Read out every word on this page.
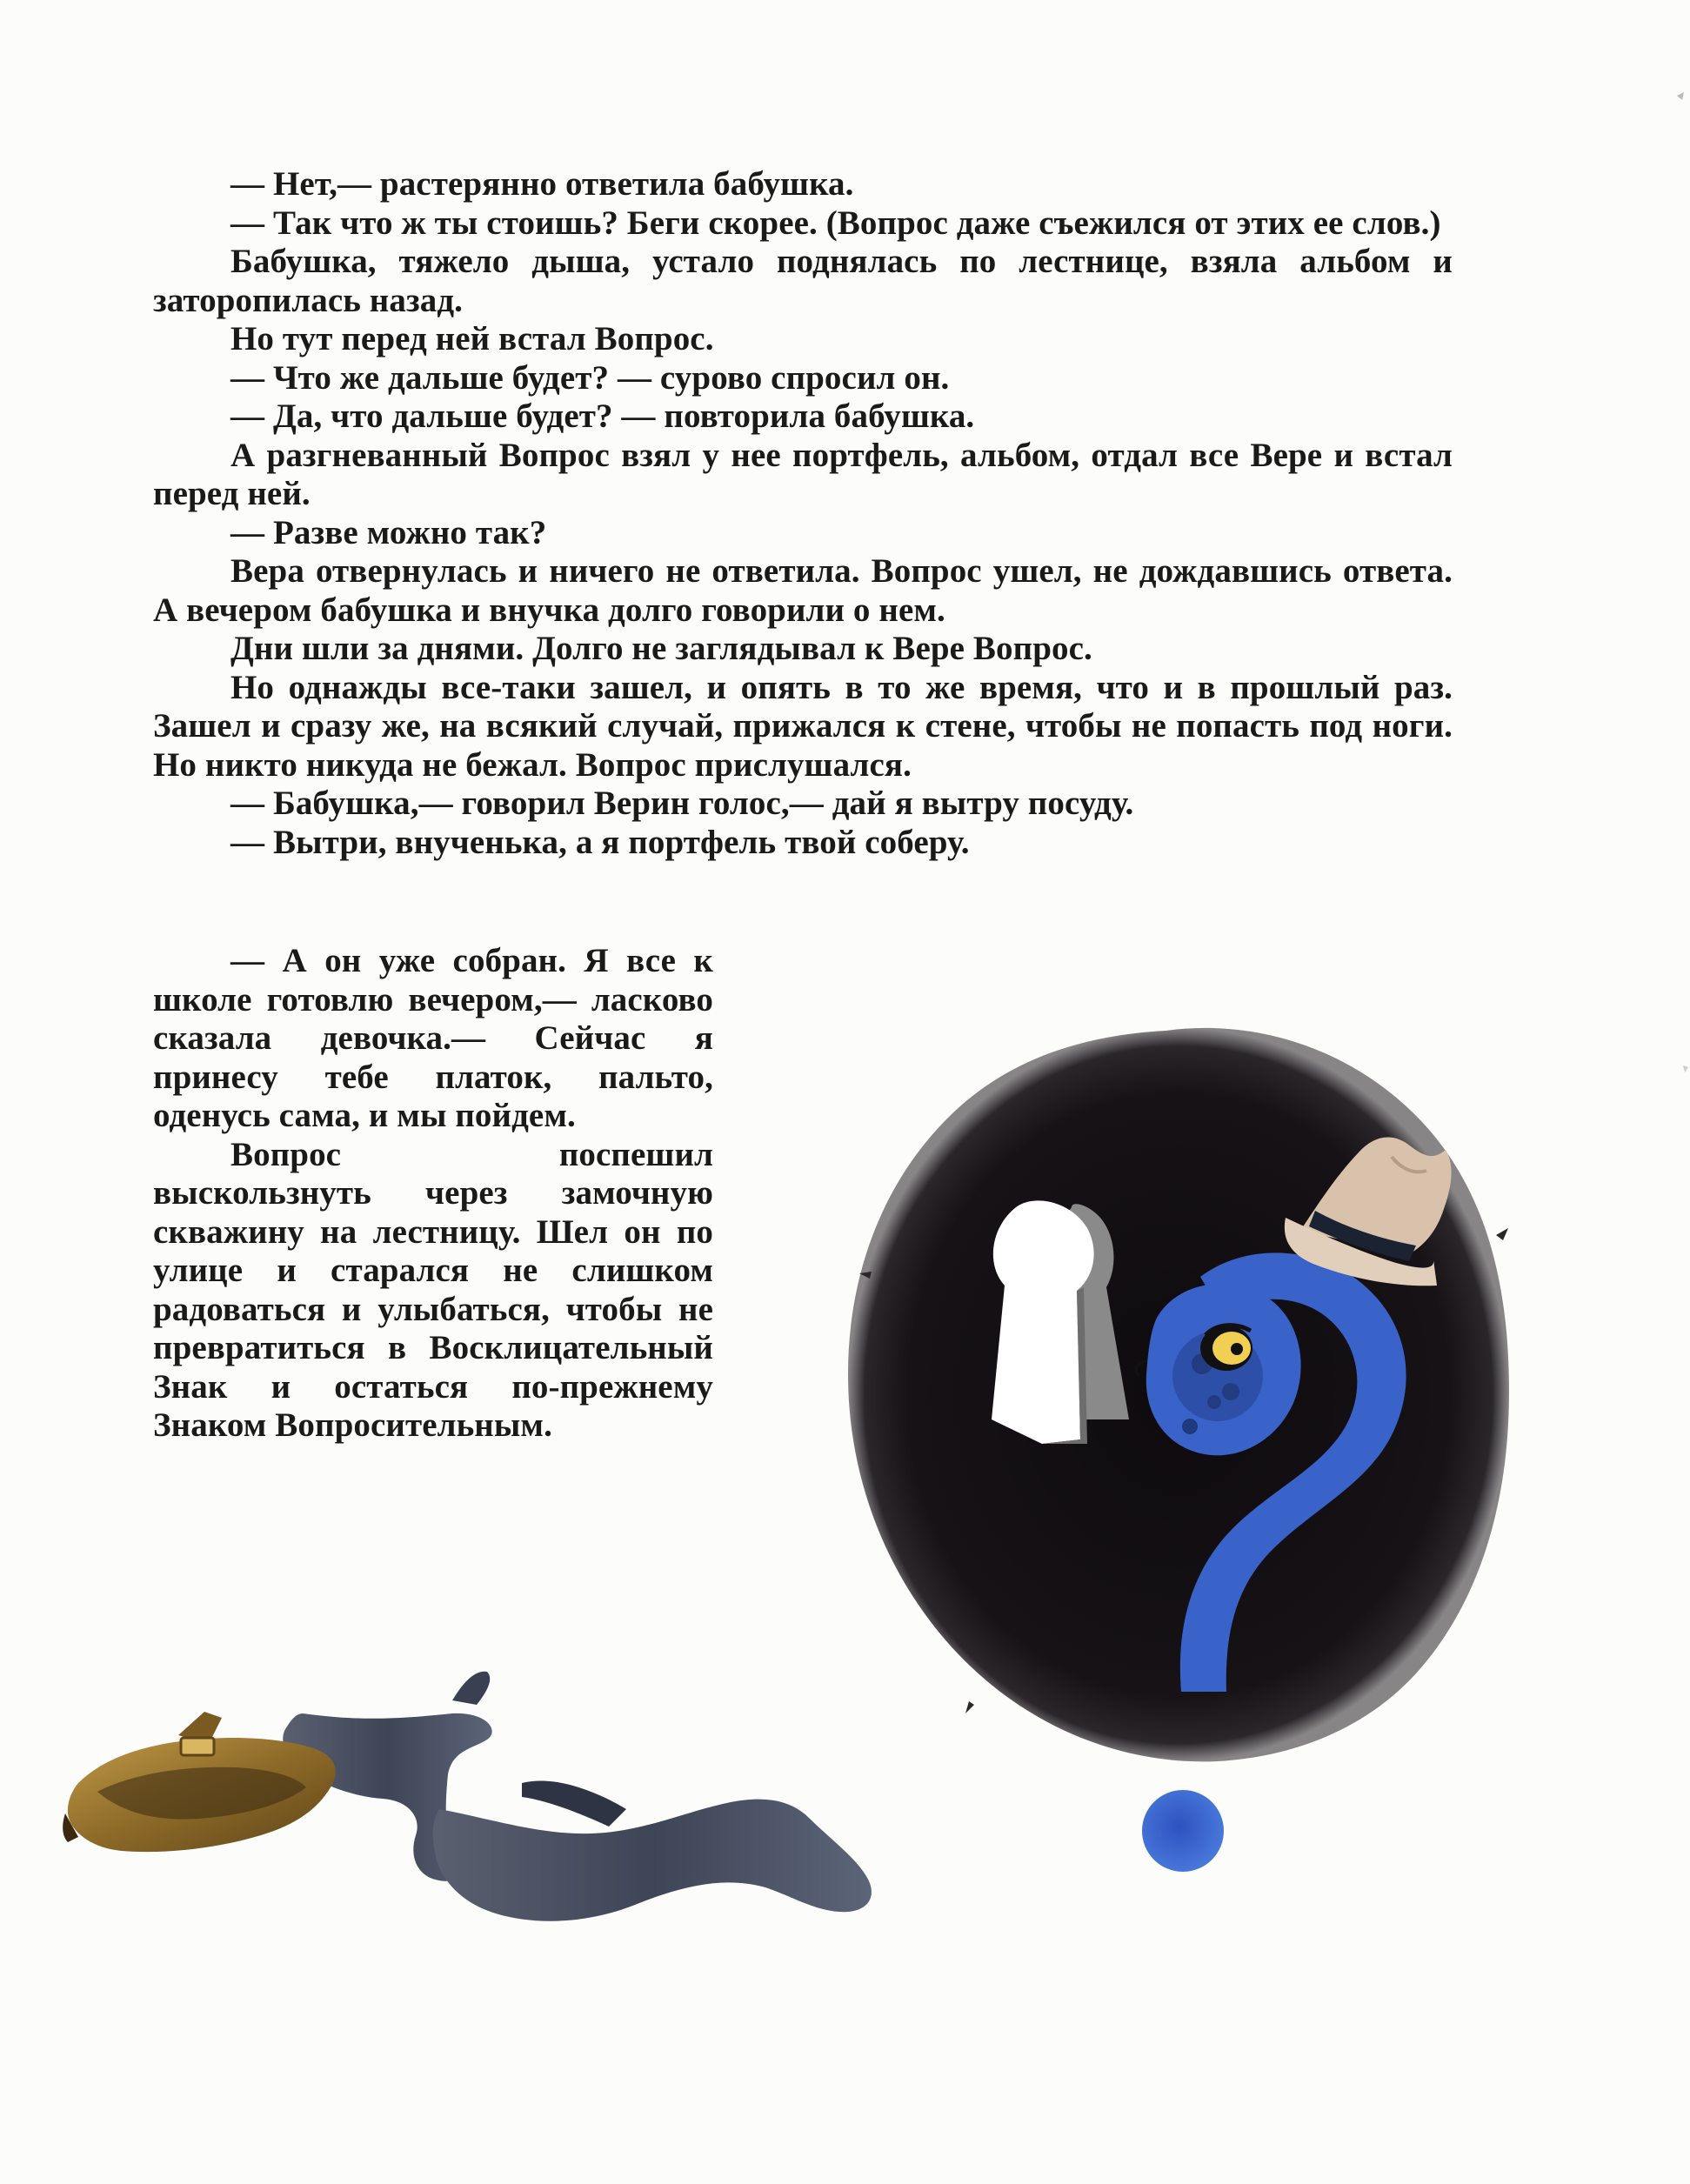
— Нет,— растерянно ответила бабушка.

— Так что ж ты стоишь? Беги скорее. (Вопрос даже съежился от этих ее слов.)

Бабушка, тяжело дыша, устало поднялась по лестнице, взяла альбом и заторопилась назад.

Но тут перед ней встал Вопрос.

— Что же дальше будет? — сурово спросил он.

— Да, что дальше будет? — повторила бабушка.

А разгневанный Вопрос взял у нее портфель, альбом, отдал все Вере и встал перед ней.

— Разве можно так?

Вера отвернулась и ничего не ответила. Вопрос ушел, не дождавшись ответа. А вечером бабушка и внучка долго говорили о нем.

Дни шли за днями. Долго не заглядывал к Вере Вопрос.

Но однажды все-таки зашел, и опять в то же время, что и в прошлый раз. Зашел и сразу же, на всякий случай, прижался к стене, чтобы не попасть под ноги. Но никто никуда не бежал. Вопрос прислушался.

— Бабушка,— говорил Верин голос,— дай я вытру посуду.

— Вытри, внученька, а я портфель твой соберу.

— А он уже собран. Я все к школе готовлю вечером,— ласково сказала девочка.— Сейчас я принесу тебе платок, пальто, оденусь сама, и мы пойдем.

Вопрос поспешил выскользнуть через замочную скважину на лестницу. Шел он по улице и старался не слишком радоваться и улыбаться, чтобы не превратиться в Восклицательный Знак и остаться по-прежнему Знаком Вопросительным.
